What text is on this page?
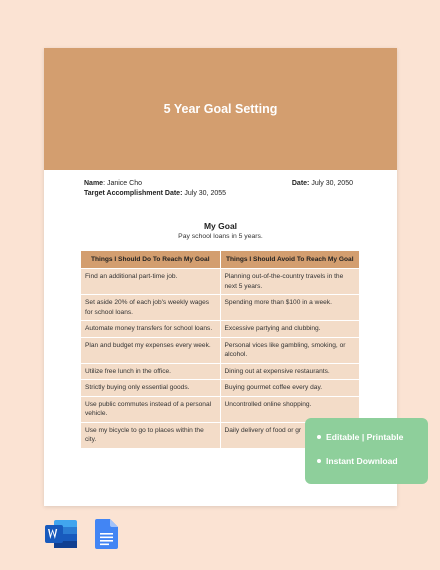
5 Year Goal Setting
Name: Janice Cho	Date: July 30, 2050
Target Accomplishment Date: July 30, 2055
My Goal
Pay school loans in 5 years.
Things I Should Do To Reach My Goal	Things I Should Avoid To Reach My Goal
Find an additional part-time job.	Planning out-of-the-country travels in the next 5 years.
Set aside 20% of each job's weekly wages for school loans.	Spending more than $100 in a week.
Automate money transfers for school loans.	Excessive partying and clubbing.
Plan and budget my expenses every week.	Personal vices like gambling, smoking, or alcohol.
Utilize free lunch in the office.	Dining out at expensive restaurants.
Strictly buying only essential goods.	Buying gourmet coffee every day.
Use public commutes instead of a personal vehicle.	Uncontrolled online shopping.
Use my bicycle to go to places within the city.	Daily delivery of food or gr
Editable | Printable
Instant Download
